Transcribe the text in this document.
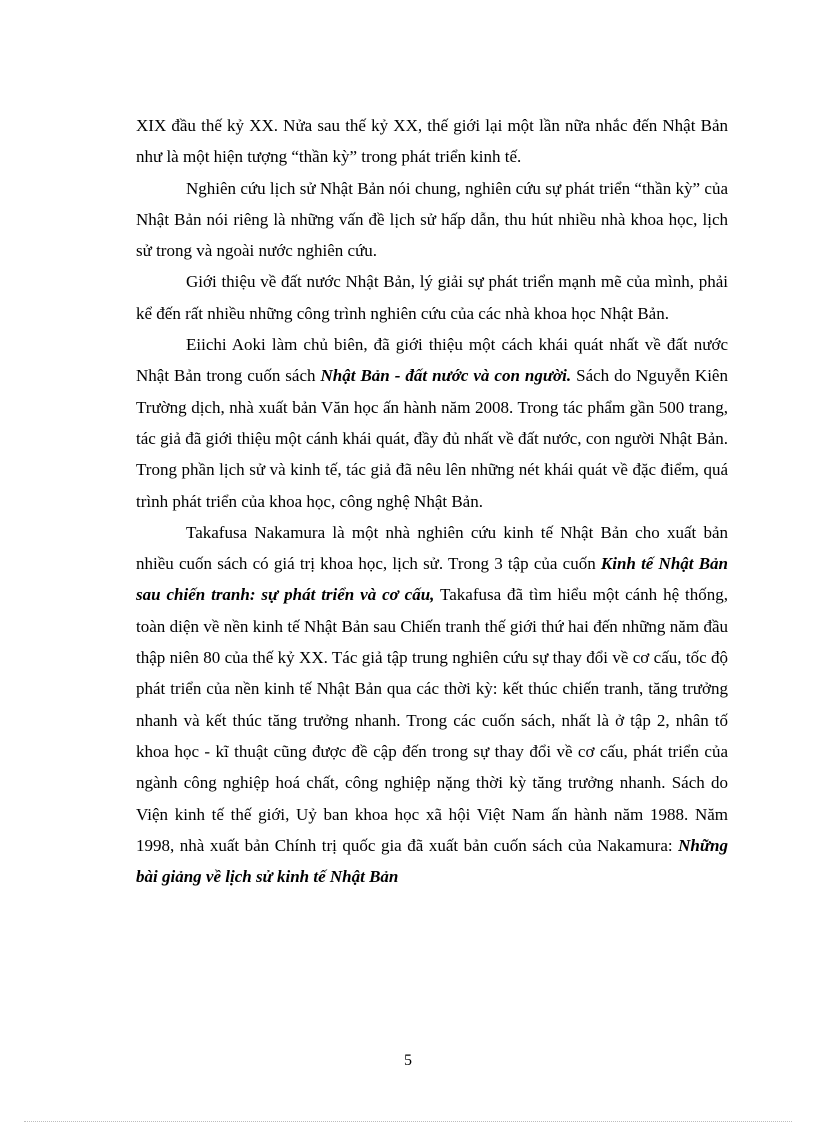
XIX đầu thế kỷ XX. Nửa sau thế kỷ XX, thế giới lại một lần nữa nhắc đến Nhật Bản như là một hiện tượng “thần kỳ” trong phát triển kinh tế.

Nghiên cứu lịch sử Nhật Bản nói chung, nghiên cứu sự phát triển “thần kỳ” của Nhật Bản nói riêng là những vấn đề lịch sử hấp dẫn, thu hút nhiều nhà khoa học, lịch sử trong và ngoài nước nghiên cứu.

Giới thiệu về đất nước Nhật Bản, lý giải sự phát triển mạnh mẽ của mình, phải kể đến rất nhiều những công trình nghiên cứu của các nhà khoa học Nhật Bản.

Eiichi Aoki làm chủ biên, đã giới thiệu một cách khái quát nhất về đất nước Nhật Bản trong cuốn sách Nhật Bản - đất nước và con người. Sách do Nguyễn Kiên Trường dịch, nhà xuất bản Văn học ấn hành năm 2008. Trong tác phẩm gần 500 trang, tác giả đã giới thiệu một cánh khái quát, đầy đủ nhất về đất nước, con người Nhật Bản. Trong phần lịch sử và kinh tế, tác giả đã nêu lên những nét khái quát về đặc điểm, quá trình phát triển của khoa học, công nghệ Nhật Bản.

Takafusa Nakamura là một nhà nghiên cứu kinh tế Nhật Bản cho xuất bản nhiều cuốn sách có giá trị khoa học, lịch sử. Trong 3 tập của cuốn Kinh tế Nhật Bản sau chiến tranh: sự phát triển và cơ cấu, Takafusa đã tìm hiểu một cánh hệ thống, toàn diện về nền kinh tế Nhật Bản sau Chiến tranh thế giới thứ hai đến những năm đầu thập niên 80 của thế kỷ XX. Tác giả tập trung nghiên cứu sự thay đổi về cơ cấu, tốc độ phát triển của nền kinh tế Nhật Bản qua các thời kỳ: kết thúc chiến tranh, tăng trưởng nhanh và kết thúc tăng trưởng nhanh. Trong các cuốn sách, nhất là ở tập 2, nhân tố khoa học - kĩ thuật cũng được đề cập đến trong sự thay đổi về cơ cấu, phát triển của ngành công nghiệp hoá chất, công nghiệp nặng thời kỳ tăng trưởng nhanh. Sách do Viện kinh tế thế giới, Uỷ ban khoa học xã hội Việt Nam ấn hành năm 1988. Năm 1998, nhà xuất bản Chính trị quốc gia đã xuất bản cuốn sách của Nakamura: Những bài giảng về lịch sử kinh tế Nhật Bản

5
